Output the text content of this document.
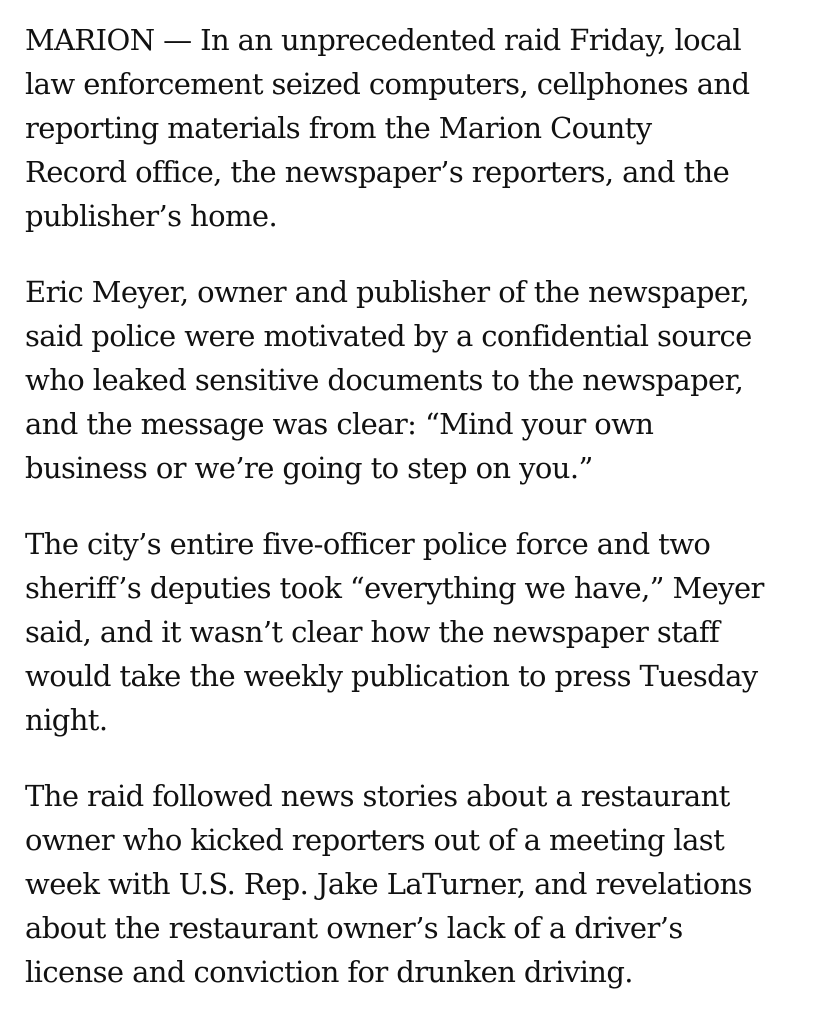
MARION — In an unprecedented raid Friday, local
law enforcement seized computers, cellphones and
reporting materials from the Marion County
Record office, the newspaper’s reporters, and the
publisher’s home.

Eric Meyer, owner and publisher of the newspaper,
said police were motivated by a confidential source
who leaked sensitive documents to the newspaper,
and the message was clear: “Mind your own
business or we’re going to step on you.”

The city’s entire five-officer police force and two
sheriff’s deputies took “everything we have,” Meyer
said, and it wasn’t clear how the newspaper staff
would take the weekly publication to press Tuesday
night.

The raid followed news stories about a restaurant
owner who kicked reporters out of a meeting last
week with U.S. Rep. Jake LaTurner, and revelations
about the restaurant owner’s lack of a driver’s
license and conviction for drunken driving.
